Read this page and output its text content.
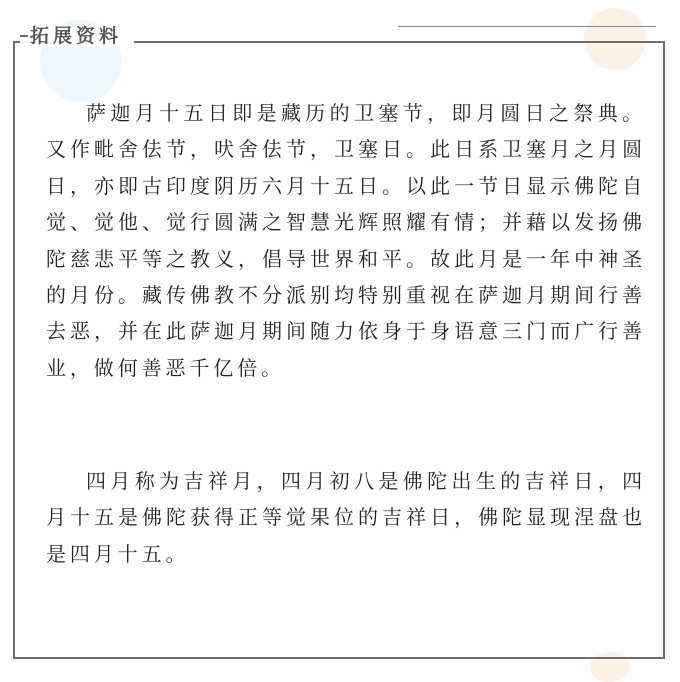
拓展资料

萨迦月十五日即是藏历的卫塞节，即月圆日之祭典。又作毗舍佉节，吠舍佉节，卫塞日。此日系卫塞月之月圆日，亦即古印度阴历六月十五日。以此一节日显示佛陀自觉、觉他、觉行圆满之智慧光辉照耀有情；并藉以发扬佛陀慈悲平等之教义，倡导世界和平。故此月是一年中神圣的月份。藏传佛教不分派别均特别重视在萨迦月期间行善去恶，并在此萨迦月期间随力依身于身语意三门而广行善业，做何善恶千亿倍。

四月称为吉祥月，四月初八是佛陀出生的吉祥日，四月十五是佛陀获得正等觉果位的吉祥日，佛陀显现涅盘也是四月十五。
